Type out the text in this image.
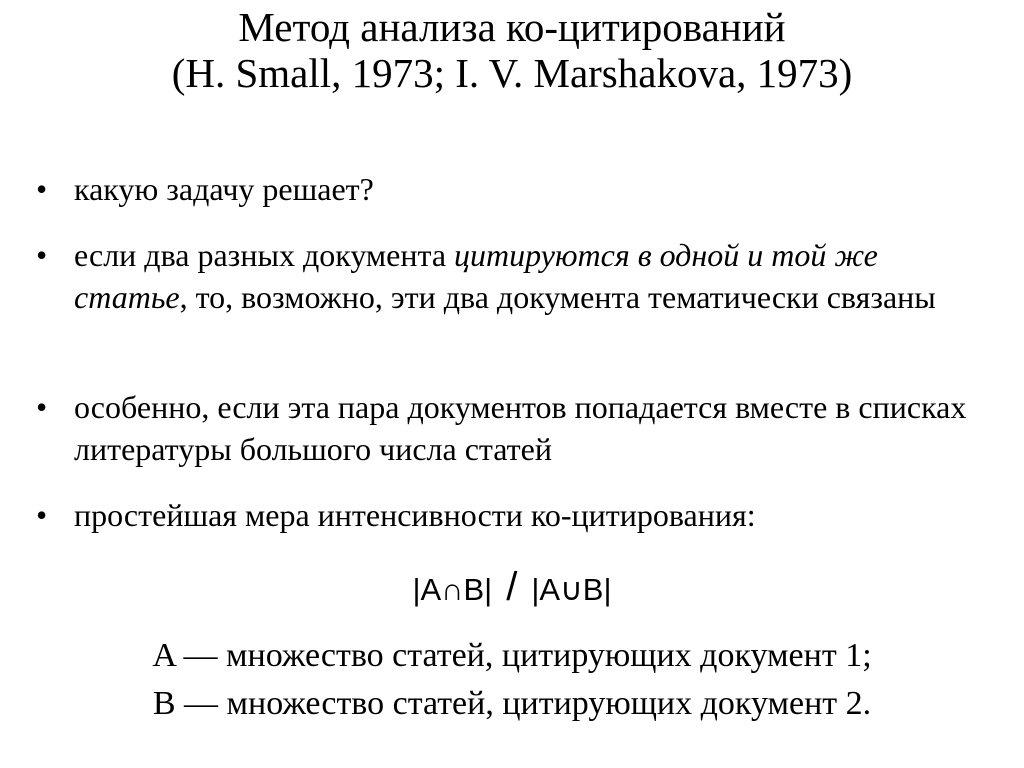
Метод анализа ко-цитирований
(H. Small, 1973; I. V. Marshakova, 1973)
• какую задачу решает?
• если два разных документа цитируются в одной и той же статье, то, возможно, эти два документа тематически связаны
• особенно, если эта пара документов попадается вместе в списках литературы большого числа статей
• простейшая мера интенсивности ко-цитирования:
|A∩B| / |A∪B|
A — множество статей, цитирующих документ 1;
B — множество статей, цитирующих документ 2.
